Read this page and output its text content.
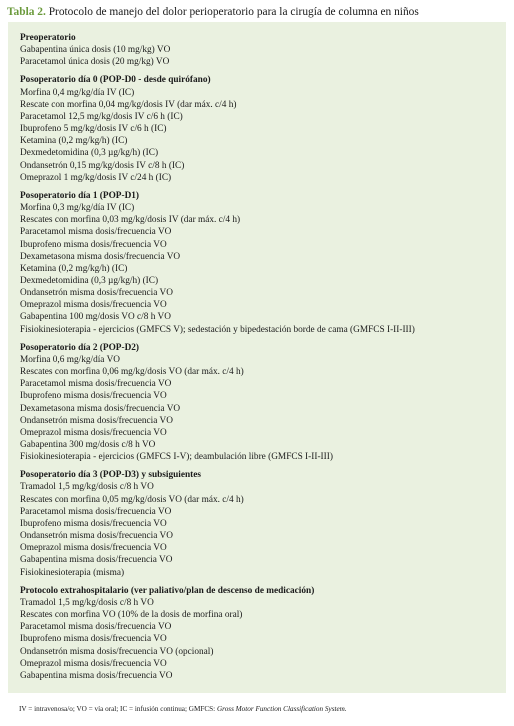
Tabla 2. Protocolo de manejo del dolor perioperatorio para la cirugía de columna en niños
Preoperatorio
Gabapentina única dosis (10 mg/kg) VO
Paracetamol única dosis (20 mg/kg) VO
Posoperatorio día 0 (POP-D0 - desde quirófano)
Morfina 0,4 mg/kg/día IV (IC)
Rescate con morfina 0,04 mg/kg/dosis IV (dar máx. c/4 h)
Paracetamol 12,5 mg/kg/dosis IV c/6 h (IC)
Ibuprofeno 5 mg/kg/dosis IV c/6 h (IC)
Ketamina (0,2 mg/kg/h) (IC)
Dexmedetomidina (0,3 µg/kg/h) (IC)
Ondansetrón 0,15 mg/kg/dosis IV c/8 h (IC)
Omeprazol 1 mg/kg/dosis IV c/24 h (IC)
Posoperatorio día 1 (POP-D1)
Morfina 0,3 mg/kg/día IV (IC)
Rescates con morfina 0,03 mg/kg/dosis IV (dar máx. c/4 h)
Paracetamol misma dosis/frecuencia VO
Ibuprofeno misma dosis/frecuencia VO
Dexametasona misma dosis/frecuencia VO
Ketamina (0,2 mg/kg/h) (IC)
Dexmedetomidina (0,3 µg/kg/h) (IC)
Ondansetrón misma dosis/frecuencia VO
Omeprazol misma dosis/frecuencia VO
Gabapentina 100 mg/dosis VO c/8 h VO
Fisiokinesioterapia - ejercicios (GMFCS V); sedestación y bipedestación borde de cama (GMFCS I-II-III)
Posoperatorio día 2 (POP-D2)
Morfina 0,6 mg/kg/día VO
Rescates con morfina 0,06 mg/kg/dosis VO (dar máx. c/4 h)
Paracetamol misma dosis/frecuencia VO
Ibuprofeno misma dosis/frecuencia VO
Dexametasona misma dosis/frecuencia VO
Ondansetrón misma dosis/frecuencia VO
Omeprazol misma dosis/frecuencia VO
Gabapentina 300 mg/dosis c/8 h VO
Fisiokinesioterapia - ejercicios (GMFCS I-V); deambulación libre (GMFCS I-II-III)
Posoperatorio día 3 (POP-D3) y subsiguientes
Tramadol 1,5 mg/kg/dosis c/8 h VO
Rescates con morfina 0,05 mg/kg/dosis VO (dar máx. c/4 h)
Paracetamol misma dosis/frecuencia VO
Ibuprofeno misma dosis/frecuencia VO
Ondansetrón misma dosis/frecuencia VO
Omeprazol misma dosis/frecuencia VO
Gabapentina misma dosis/frecuencia VO
Fisiokinesioterapia (misma)
Protocolo extrahospitalario (ver paliativo/plan de descenso de medicación)
Tramadol 1,5 mg/kg/dosis c/8 h VO
Rescates con morfina VO (10% de la dosis de morfina oral)
Paracetamol misma dosis/frecuencia VO
Ibuprofeno misma dosis/frecuencia VO
Ondansetrón misma dosis/frecuencia VO (opcional)
Omeprazol misma dosis/frecuencia VO
Gabapentina misma dosis/frecuencia VO
IV = intravenosa/o; VO = vía oral; IC = infusión continua; GMFCS: Gross Motor Function Classification System.
